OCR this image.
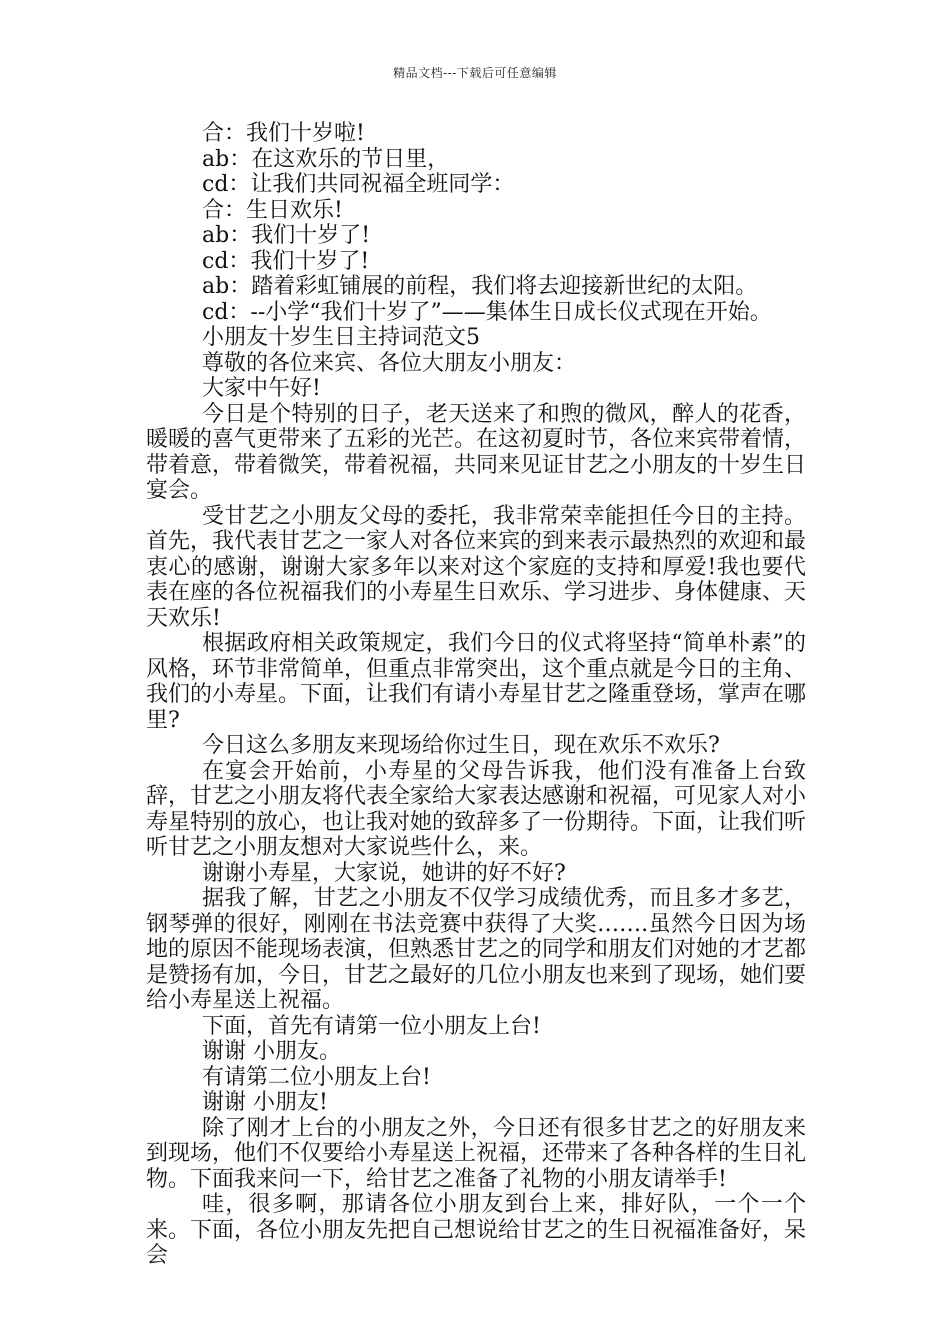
精品文档---下载后可任意编辑
合：我们十岁啦!
ab：在这欢乐的节日里，
cd：让我们共同祝福全班同学：
合：生日欢乐!
ab：我们十岁了!
cd：我们十岁了!
ab：踏着彩虹铺展的前程，我们将去迎接新世纪的太阳。
cd：--小学“我们十岁了”——集体生日成长仪式现在开始。
小朋友十岁生日主持词范文5
尊敬的各位来宾、各位大朋友小朋友：
大家中午好!

今日是个特别的日子，老天送来了和煦的微风，醉人的花香，暖暖的喜气更带来了五彩的光芒。在这初夏时节，各位来宾带着情，带着意，带着微笑，带着祝福，共同来见证甘艺之小朋友的十岁生日宴会。

受甘艺之小朋友父母的委托，我非常荣幸能担任今日的主持。首先，我代表甘艺之一家人对各位来宾的到来表示最热烈的欢迎和最衷心的感谢，谢谢大家多年以来对这个家庭的支持和厚爱!我也要代表在座的各位祝福我们的小寿星生日欢乐、学习进步、身体健康、天天欢乐!

根据政府相关政策规定，我们今日的仪式将坚持“简单朴素”的风格，环节非常简单，但重点非常突出，这个重点就是今日的主角、我们的小寿星。下面，让我们有请小寿星甘艺之隆重登场，掌声在哪里?

今日这么多朋友来现场给你过生日，现在欢乐不欢乐?

在宴会开始前，小寿星的父母告诉我，他们没有准备上台致辞，甘艺之小朋友将代表全家给大家表达感谢和祝福，可见家人对小寿星特别的放心，也让我对她的致辞多了一份期待。下面，让我们听听甘艺之小朋友想对大家说些什么，来。

谢谢小寿星，大家说，她讲的好不好?

据我了解，甘艺之小朋友不仅学习成绩优秀，而且多才多艺，钢琴弹的很好，刚刚在书法竞赛中获得了大奖…….虽然今日因为场地的原因不能现场表演，但熟悉甘艺之的同学和朋友们对她的才艺都是赞扬有加，今日，甘艺之最好的几位小朋友也来到了现场，她们要给小寿星送上祝福。

下面，首先有请第一位小朋友上台!

谢谢 小朋友。

有请第二位小朋友上台!

谢谢 小朋友!

除了刚才上台的小朋友之外，今日还有很多甘艺之的好朋友来到现场，他们不仅要给小寿星送上祝福，还带来了各种各样的生日礼物。下面我来问一下，给甘艺之准备了礼物的小朋友请举手!

哇，很多啊，那请各位小朋友到台上来，排好队，一个一个来。下面，各位小朋友先把自己想说给甘艺之的生日祝福准备好，呆会
